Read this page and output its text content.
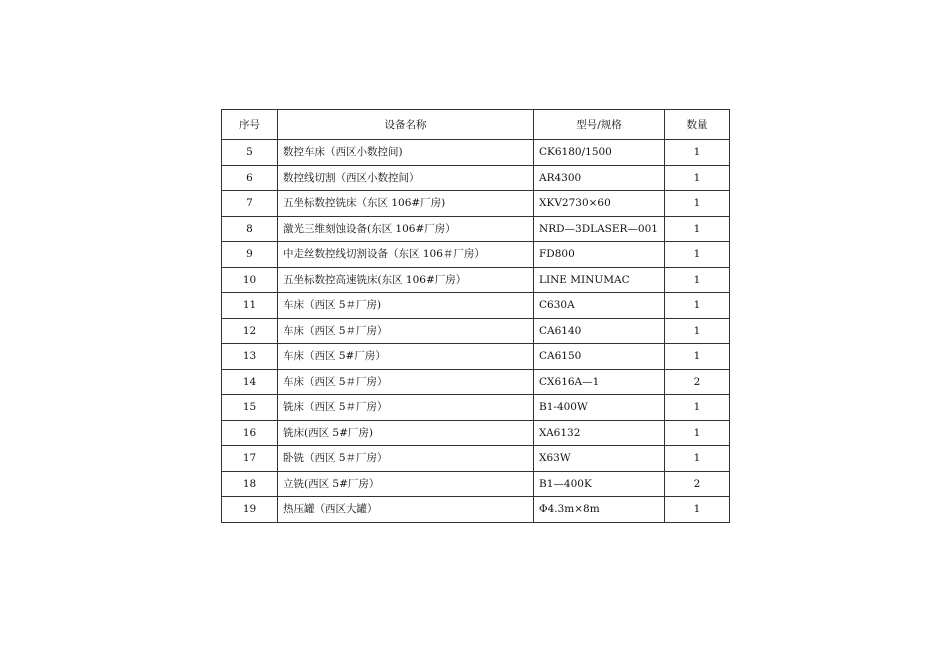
序号	设备名称	型号/规格	数量
5	数控车床（西区小数控间)	CK6180/1500	1
6	数控线切割（西区小数控间）	AR4300	1
7	五坐标数控铣床（东区 106#厂房)	XKV2730×60	1
8	激光三维刻蚀设备(东区 106#厂房）	NRD—3DLASER—001	1
9	中走丝数控线切割设备（东区 106＃厂房）	FD800	1
10	五坐标数控高速铣床(东区 106#厂房）	LINE MINUMAC	1
11	车床（西区 5＃厂房)	C630A	1
12	车床（西区 5＃厂房）	CA6140	1
13	车床（西区 5#厂房）	CA6150	1
14	车床（西区 5＃厂房）	CX616A—1	2
15	铣床（西区 5＃厂房）	B1-400W	1
16	铣床(西区 5#厂房)	XA6132	1
17	卧铣（西区 5＃厂房）	X63W	1
18	立铣(西区 5#厂房）	B1—400K	2
19	热压罐（西区大罐）	Φ4.3m×8m	1
